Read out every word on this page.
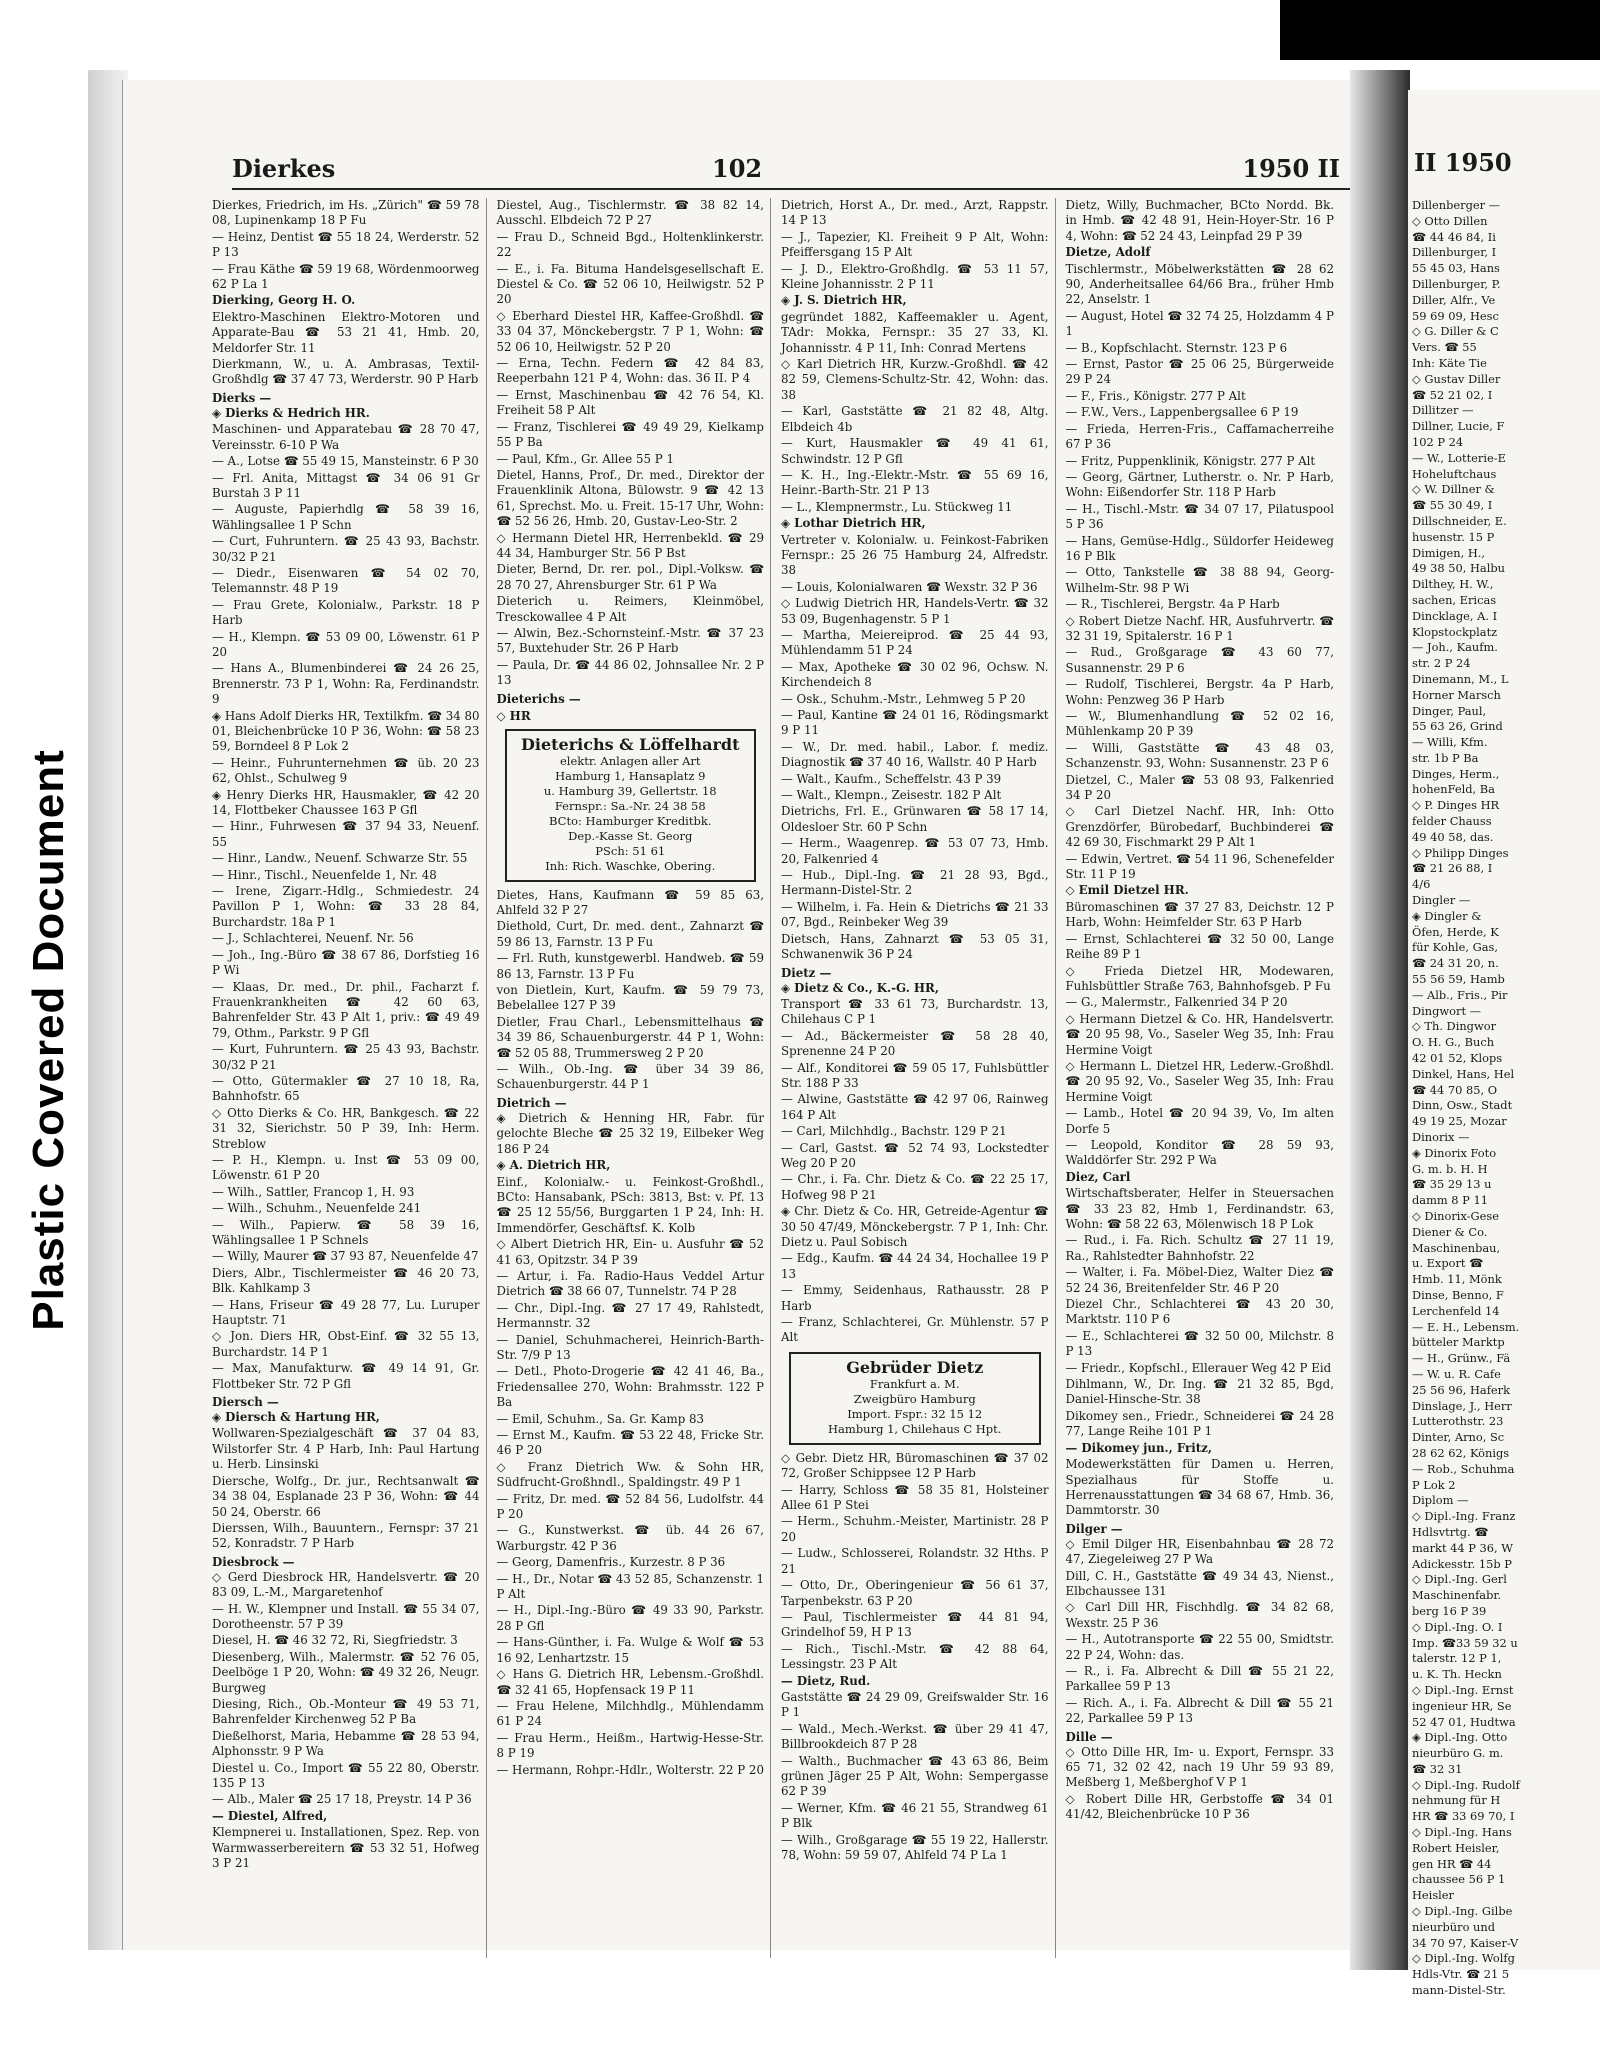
Plastic Covered Document
Dierkes	102	1950 II
Dierkes, Friedrich, im Hs. „Zürich" ☎ 59 78 08, Lupinenkamp 18 P Fu
— Heinz, Dentist ☎ 55 18 24, Werderstr. 52 P 13
— Frau Käthe ☎ 59 19 68, Wördenmoorweg 62 P La 1
Dierking, Georg H. O.
Elektro-Maschinen Elektro-Motoren und Apparate-Bau ☎ 53 21 41, Hmb. 20, Meldorfer Str. 11
Dierkmann, W., u. A. Ambrasas, Textil-Großhdlg ☎ 37 47 73, Werderstr. 90 P Harb
Dierks —
◈ Dierks & Hedrich HR.
Maschinen- und Apparatebau ☎ 28 70 47, Vereinsstr. 6-10 P Wa
— A., Lotse ☎ 55 49 15, Mansteinstr. 6 P 30
— Frl. Anita, Mittagst ☎ 34 06 91 Gr Burstah 3 P 11
— Auguste, Papierhdlg ☎ 58 39 16, Wählingsallee 1 P Schn
— Curt, Fuhruntern. ☎ 25 43 93, Bachstr. 30/32 P 21
— Diedr., Eisenwaren ☎ 54 02 70, Telemannstr. 48 P 19
— Frau Grete, Kolonialw., Parkstr. 18 P Harb
— H., Klempn. ☎ 53 09 00, Löwenstr. 61 P 20
— Hans A., Blumenbinderei ☎ 24 26 25, Brennerstr. 73 P 1, Wohn: Ra, Ferdinandstr. 9
◈ Hans Adolf Dierks HR, Textilkfm. ☎ 34 80 01, Bleichenbrücke 10 P 36, Wohn: ☎ 58 23 59, Borndeel 8 P Lok 2
— Heinr., Fuhrunternehmen ☎ üb. 20 23 62, Ohlst., Schulweg 9
◈ Henry Dierks HR, Hausmakler, ☎ 42 20 14, Flottbeker Chaussee 163 P Gfl
— Hinr., Fuhrwesen ☎ 37 94 33, Neuenf. 55
— Hinr., Landw., Neuenf. Schwarze Str. 55
— Hinr., Tischl., Neuenfelde 1, Nr. 48
— Irene, Zigarr.-Hdlg., Schmiedestr. 24 Pavillon P 1, Wohn: ☎ 33 28 84, Burchardstr. 18a P 1
— J., Schlachterei, Neuenf. Nr. 56
— Joh., Ing.-Büro ☎ 38 67 86, Dorfstieg 16 P Wi
— Klaas, Dr. med., Dr. phil., Facharzt f. Frauenkrankheiten ☎ 42 60 63, Bahrenfelder Str. 43 P Alt 1, priv.: ☎ 49 49 79, Othm., Parkstr. 9 P Gfl
— Kurt, Fuhruntern. ☎ 25 43 93, Bachstr. 30/32 P 21
— Otto, Gütermakler ☎ 27 10 18, Ra, Bahnhofstr. 65
◇ Otto Dierks & Co. HR, Bankgesch. ☎ 22 31 32, Sierichstr. 50 P 39, Inh: Herm. Streblow
— P. H., Klempn. u. Inst ☎ 53 09 00, Löwenstr. 61 P 20
— Wilh., Sattler, Francop 1, H. 93
— Wilh., Schuhm., Neuenfelde 241
— Wilh., Papierw. ☎ 58 39 16, Wählingsallee 1 P Schnels
— Willy, Maurer ☎ 37 93 87, Neuenfelde 47
Diers, Albr., Tischlermeister ☎ 46 20 73, Blk. Kahlkamp 3
— Hans, Friseur ☎ 49 28 77, Lu. Luruper Hauptstr. 71
◇ Jon. Diers HR, Obst-Einf. ☎ 32 55 13, Burchardstr. 14 P 1
— Max, Manufakturw. ☎ 49 14 91, Gr. Flottbeker Str. 72 P Gfl
Diersch —
◈ Diersch & Hartung HR,
Wollwaren-Spezialgeschäft ☎ 37 04 83, Wilstorfer Str. 4 P Harb, Inh: Paul Hartung u. Herb. Linsinski
Diersche, Wolfg., Dr. jur., Rechtsanwalt ☎ 34 38 04, Esplanade 23 P 36, Wohn: ☎ 44 50 24, Oberstr. 66
Dierssen, Wilh., Bauuntern., Fernspr: 37 21 52, Konradstr. 7 P Harb
Diesbrock —
◇ Gerd Diesbrock HR, Handelsvertr. ☎ 20 83 09, L.-M., Margaretenhof
— H. W., Klempner und Install. ☎ 55 34 07, Dorotheenstr. 57 P 39
Diesel, H. ☎ 46 32 72, Ri, Siegfriedstr. 3
Diesenberg, Wilh., Malermstr. ☎ 52 76 05, Deelböge 1 P 20, Wohn: ☎ 49 32 26, Neugr. Burgweg
Diesing, Rich., Ob.-Monteur ☎ 49 53 71, Bahrenfelder Kirchenweg 52 P Ba
Dießelhorst, Maria, Hebamme ☎ 28 53 94, Alphonsstr. 9 P Wa
Diestel u. Co., Import ☎ 55 22 80, Oberstr. 135 P 13
— Alb., Maler ☎ 25 17 18, Preystr. 14 P 36
— Diestel, Alfred,
Klempnerei u. Installationen, Spez. Rep. von Warmwasserbereitern ☎ 53 32 51, Hofweg 3 P 21
Diestel, Aug., Tischlermstr. ☎ 38 82 14, Ausschl. Elbdeich 72 P 27
— Frau D., Schneid Bgd., Holtenklinkerstr. 22
— E., i. Fa. Bituma Handelsgesellschaft E. Diestel & Co. ☎ 52 06 10, Heilwigstr. 52 P 20
◇ Eberhard Diestel HR, Kaffee-Großhdl. ☎ 33 04 37, Mönckebergstr. 7 P 1, Wohn: ☎ 52 06 10, Heilwigstr. 52 P 20
— Erna, Techn. Federn ☎ 42 84 83, Reeperbahn 121 P 4, Wohn: das. 36 II. P 4
— Ernst, Maschinenbau ☎ 42 76 54, Kl. Freiheit 58 P Alt
— Franz, Tischlerei ☎ 49 49 29, Kielkamp 55 P Ba
— Paul, Kfm., Gr. Allee 55 P 1
Dietel, Hanns, Prof., Dr. med., Direktor der Frauenklinik Altona, Bülowstr. 9 ☎ 42 13 61, Sprechst. Mo. u. Freit. 15-17 Uhr, Wohn: ☎ 52 56 26, Hmb. 20, Gustav-Leo-Str. 2
◇ Hermann Dietel HR, Herrenbekld. ☎ 29 44 34, Hamburger Str. 56 P Bst
Dieter, Bernd, Dr. rer. pol., Dipl.-Volksw. ☎ 28 70 27, Ahrensburger Str. 61 P Wa
Dieterich u. Reimers, Kleinmöbel, Tresckowallee 4 P Alt
— Alwin, Bez.-Schornsteinf.-Mstr. ☎ 37 23 57, Buxtehuder Str. 26 P Harb
— Paula, Dr. ☎ 44 86 02, Johnsallee Nr. 2 P 13
Dieterichs —
◇ HR
Dieterichs & Löffelhardt

elektr. Anlagen aller Art

Hamburg 1, Hansaplatz 9

u. Hamburg 39, Gellertstr. 18

Fernspr.: Sa.-Nr. 24 38 58

BCto: Hamburger Kreditbk.

Dep.-Kasse St. Georg

PSch: 51 61

Inh: Rich. Waschke, Obering.

Dietes, Hans, Kaufmann ☎ 59 85 63, Ahlfeld 32 P 27
Diethold, Curt, Dr. med. dent., Zahnarzt ☎ 59 86 13, Farnstr. 13 P Fu
— Frl. Ruth, kunstgewerbl. Handweb. ☎ 59 86 13, Farnstr. 13 P Fu
von Dietlein, Kurt, Kaufm. ☎ 59 79 73, Bebelallee 127 P 39
Dietler, Frau Charl., Lebensmittelhaus ☎ 34 39 86, Schauenburgerstr. 44 P 1, Wohn: ☎ 52 05 88, Trummersweg 2 P 20
— Wilh., Ob.-Ing. ☎ über 34 39 86, Schauenburgerstr. 44 P 1
Dietrich —
◈ Dietrich & Henning HR, Fabr. für gelochte Bleche ☎ 25 32 19, Eilbeker Weg 186 P 24
◈ A. Dietrich HR,
Einf., Kolonialw.- u. Feinkost-Großhdl., BCto: Hansabank, PSch: 3813, Bst: v. Pf. 13 ☎ 25 12 55/56, Burggarten 1 P 24, Inh: H. Immendörfer, Geschäftsf. K. Kolb
◇ Albert Dietrich HR, Ein- u. Ausfuhr ☎ 52 41 63, Opitzstr. 34 P 39
— Artur, i. Fa. Radio-Haus Veddel Artur Dietrich ☎ 38 66 07, Tunnelstr. 74 P 28
— Chr., Dipl.-Ing. ☎ 27 17 49, Rahlstedt, Hermannstr. 32
— Daniel, Schuhmacherei, Heinrich-Barth-Str. 7/9 P 13
— Detl., Photo-Drogerie ☎ 42 41 46, Ba., Friedensallee 270, Wohn: Brahmsstr. 122 P Ba
— Emil, Schuhm., Sa. Gr. Kamp 83
— Ernst M., Kaufm. ☎ 53 22 48, Fricke Str. 46 P 20
◇ Franz Dietrich Ww. & Sohn HR, Südfrucht-Großhndl., Spaldingstr. 49 P 1
— Fritz, Dr. med. ☎ 52 84 56, Ludolfstr. 44 P 20
— G., Kunstwerkst. ☎ üb. 44 26 67, Warburgstr. 42 P 36
— Georg, Damenfris., Kurzestr. 8 P 36
— H., Dr., Notar ☎ 43 52 85, Schanzenstr. 1 P Alt
— H., Dipl.-Ing.-Büro ☎ 49 33 90, Parkstr. 28 P Gfl
— Hans-Günther, i. Fa. Wulge & Wolf ☎ 53 16 92, Lenhartzstr. 15
◇ Hans G. Dietrich HR, Lebensm.-Großhdl. ☎ 32 41 65, Hopfensack 19 P 11
— Frau Helene, Milchhdlg., Mühlendamm 61 P 24
— Frau Herm., Heißm., Hartwig-Hesse-Str. 8 P 19
— Hermann, Rohpr.-Hdlr., Wolterstr. 22 P 20
Dietrich, Horst A., Dr. med., Arzt, Rappstr. 14 P 13
— J., Tapezier, Kl. Freiheit 9 P Alt, Wohn: Pfeiffersgang 15 P Alt
— J. D., Elektro-Großhdlg. ☎ 53 11 57, Kleine Johannisstr. 2 P 11
◈ J. S. Dietrich HR,
gegründet 1882, Kaffeemakler u. Agent, TAdr: Mokka, Fernspr.: 35 27 33, Kl. Johannisstr. 4 P 11, Inh: Conrad Mertens
◇ Karl Dietrich HR, Kurzw.-Großhdl. ☎ 42 82 59, Clemens-Schultz-Str. 42, Wohn: das. 38
— Karl, Gaststätte ☎ 21 82 48, Altg. Elbdeich 4b
— Kurt, Hausmakler ☎ 49 41 61, Schwindstr. 12 P Gfl
— K. H., Ing.-Elektr.-Mstr. ☎ 55 69 16, Heinr.-Barth-Str. 21 P 13
— L., Klempnermstr., Lu. Stückweg 11
◈ Lothar Dietrich HR,
Vertreter v. Kolonialw. u. Feinkost-Fabriken Fernspr.: 25 26 75 Hamburg 24, Alfredstr. 38
— Louis, Kolonialwaren ☎ Wexstr. 32 P 36
◇ Ludwig Dietrich HR, Handels-Vertr. ☎ 32 53 09, Bugenhagenstr. 5 P 1
— Martha, Meiereiprod. ☎ 25 44 93, Mühlendamm 51 P 24
— Max, Apotheke ☎ 30 02 96, Ochsw. N. Kirchendeich 8
— Osk., Schuhm.-Mstr., Lehmweg 5 P 20
— Paul, Kantine ☎ 24 01 16, Rödingsmarkt 9 P 11
— W., Dr. med. habil., Labor. f. mediz. Diagnostik ☎ 37 40 16, Wallstr. 40 P Harb
— Walt., Kaufm., Scheffelstr. 43 P 39
— Walt., Klempn., Zeisestr. 182 P Alt
Dietrichs, Frl. E., Grünwaren ☎ 58 17 14, Oldesloer Str. 60 P Schn
— Herm., Waagenrep. ☎ 53 07 73, Hmb. 20, Falkenried 4
— Hub., Dipl.-Ing. ☎ 21 28 93, Bgd., Hermann-Distel-Str. 2
— Wilhelm, i. Fa. Hein & Dietrichs ☎ 21 33 07, Bgd., Reinbeker Weg 39
Dietsch, Hans, Zahnarzt ☎ 53 05 31, Schwanenwik 36 P 24
Dietz —
◈ Dietz & Co., K.-G. HR,
Transport ☎ 33 61 73, Burchardstr. 13, Chilehaus C P 1
— Ad., Bäckermeister ☎ 58 28 40, Sprenenne 24 P 20
— Alf., Konditorei ☎ 59 05 17, Fuhlsbüttler Str. 188 P 33
— Alwine, Gaststätte ☎ 42 97 06, Rainweg 164 P Alt
— Carl, Milchhdlg., Bachstr. 129 P 21
— Carl, Gastst. ☎ 52 74 93, Lockstedter Weg 20 P 20
— Chr., i. Fa. Chr. Dietz & Co. ☎ 22 25 17, Hofweg 98 P 21
◈ Chr. Dietz & Co. HR, Getreide-Agentur ☎ 30 50 47/49, Mönckebergstr. 7 P 1, Inh: Chr. Dietz u. Paul Sobisch
— Edg., Kaufm. ☎ 44 24 34, Hochallee 19 P 13
— Emmy, Seidenhaus, Rathausstr. 28 P Harb
— Franz, Schlachterei, Gr. Mühlenstr. 57 P Alt
Gebrüder Dietz

Frankfurt a. M.

Zweigbüro Hamburg

Import. Fspr.: 32 15 12

Hamburg 1, Chilehaus C Hpt.

◇ Gebr. Dietz HR, Büromaschinen ☎ 37 02 72, Großer Schippsee 12 P Harb
— Harry, Schloss ☎ 58 35 81, Holsteiner Allee 61 P Stei
— Herm., Schuhm.-Meister, Martinistr. 28 P 20
— Ludw., Schlosserei, Rolandstr. 32 Hths. P 21
— Otto, Dr., Oberingenieur ☎ 56 61 37, Tarpenbekstr. 63 P 20
— Paul, Tischlermeister ☎ 44 81 94, Grindelhof 59, H P 13
— Rich., Tischl.-Mstr. ☎ 42 88 64, Lessingstr. 23 P Alt
— Dietz, Rud.
Gaststätte ☎ 24 29 09, Greifswalder Str. 16 P 1
— Wald., Mech.-Werkst. ☎ über 29 41 47, Billbrookdeich 87 P 28
— Walth., Buchmacher ☎ 43 63 86, Beim grünen Jäger 25 P Alt, Wohn: Sempergasse 62 P 39
— Werner, Kfm. ☎ 46 21 55, Strandweg 61 P Blk
— Wilh., Großgarage ☎ 55 19 22, Hallerstr. 78, Wohn: 59 59 07, Ahlfeld 74 P La 1
Dietz, Willy, Buchmacher, BCto Nordd. Bk. in Hmb. ☎ 42 48 91, Hein-Hoyer-Str. 16 P 4, Wohn: ☎ 52 24 43, Leinpfad 29 P 39
Dietze, Adolf
Tischlermstr., Möbelwerkstätten ☎ 28 62 90, Anderheitsallee 64/66 Bra., früher Hmb 22, Anselstr. 1
— August, Hotel ☎ 32 74 25, Holzdamm 4 P 1
— B., Kopfschlacht. Sternstr. 123 P 6
— Ernst, Pastor ☎ 25 06 25, Bürgerweide 29 P 24
— F., Fris., Königstr. 277 P Alt
— F.W., Vers., Lappenbergsallee 6 P 19
— Frieda, Herren-Fris., Caffamacherreihe 67 P 36
— Fritz, Puppenklinik, Königstr. 277 P Alt
— Georg, Gärtner, Lutherstr. o. Nr. P Harb, Wohn: Eißendorfer Str. 118 P Harb
— H., Tischl.-Mstr. ☎ 34 07 17, Pilatuspool 5 P 36
— Hans, Gemüse-Hdlg., Süldorfer Heideweg 16 P Blk
— Otto, Tankstelle ☎ 38 88 94, Georg-Wilhelm-Str. 98 P Wi
— R., Tischlerei, Bergstr. 4a P Harb
◇ Robert Dietze Nachf. HR, Ausfuhrvertr. ☎ 32 31 19, Spitalerstr. 16 P 1
— Rud., Großgarage ☎ 43 60 77, Susannenstr. 29 P 6
— Rudolf, Tischlerei, Bergstr. 4a P Harb, Wohn: Penzweg 36 P Harb
— W., Blumenhandlung ☎ 52 02 16, Mühlenkamp 20 P 39
— Willi, Gaststätte ☎ 43 48 03, Schanzenstr. 93, Wohn: Susannenstr. 23 P 6
Dietzel, C., Maler ☎ 53 08 93, Falkenried 34 P 20
◇ Carl Dietzel Nachf. HR, Inh: Otto Grenzdörfer, Bürobedarf, Buchbinderei ☎ 42 69 30, Fischmarkt 29 P Alt 1
— Edwin, Vertret. ☎ 54 11 96, Schenefelder Str. 11 P 19
◇ Emil Dietzel HR.
Büromaschinen ☎ 37 27 83, Deichstr. 12 P Harb, Wohn: Heimfelder Str. 63 P Harb
— Ernst, Schlachterei ☎ 32 50 00, Lange Reihe 89 P 1
◇ Frieda Dietzel HR, Modewaren, Fuhlsbüttler Straße 763, Bahnhofsgeb. P Fu
— G., Malermstr., Falkenried 34 P 20
◇ Hermann Dietzel & Co. HR, Handelsvertr. ☎ 20 95 98, Vo., Saseler Weg 35, Inh: Frau Hermine Voigt
◇ Hermann L. Dietzel HR, Lederw.-Großhdl. ☎ 20 95 92, Vo., Saseler Weg 35, Inh: Frau Hermine Voigt
— Lamb., Hotel ☎ 20 94 39, Vo, Im alten Dorfe 5
— Leopold, Konditor ☎ 28 59 93, Walddörfer Str. 292 P Wa
Diez, Carl
Wirtschaftsberater, Helfer in Steuersachen ☎ 33 23 82, Hmb 1, Ferdinandstr. 63, Wohn: ☎ 58 22 63, Mölenwisch 18 P Lok
— Rud., i. Fa. Rich. Schultz ☎ 27 11 19, Ra., Rahlstedter Bahnhofstr. 22
— Walter, i. Fa. Möbel-Diez, Walter Diez ☎ 52 24 36, Breitenfelder Str. 46 P 20
Diezel Chr., Schlachterei ☎ 43 20 30, Marktstr. 110 P 6
— E., Schlachterei ☎ 32 50 00, Milchstr. 8 P 13
— Friedr., Kopfschl., Ellerauer Weg 42 P Eid
Dihlmann, W., Dr. Ing. ☎ 21 32 85, Bgd, Daniel-Hinsche-Str. 38
Dikomey sen., Friedr., Schneiderei ☎ 24 28 77, Lange Reihe 101 P 1
— Dikomey jun., Fritz,
Modewerkstätten für Damen u. Herren, Spezialhaus für Stoffe u. Herrenausstattungen ☎ 34 68 67, Hmb. 36, Dammtorstr. 30
Dilger —
◇ Emil Dilger HR, Eisenbahnbau ☎ 28 72 47, Ziegeleiweg 27 P Wa
Dill, C. H., Gaststätte ☎ 49 34 43, Nienst., Elbchaussee 131
◇ Carl Dill HR, Fischhdlg. ☎ 34 82 68, Wexstr. 25 P 36
— H., Autotransporte ☎ 22 55 00, Smidtstr. 22 P 24, Wohn: das.
— R., i. Fa. Albrecht & Dill ☎ 55 21 22, Parkallee 59 P 13
— Rich. A., i. Fa. Albrecht & Dill ☎ 55 21 22, Parkallee 59 P 13
Dille —
◇ Otto Dille HR, Im- u. Export, Fernspr. 33 65 71, 32 02 42, nach 19 Uhr 59 93 89, Meßberg 1, Meßberghof V P 1
◇ Robert Dille HR, Gerbstoffe ☎ 34 01 41/42, Bleichenbrücke 10 P 36
II 1950
Dillenberger —
◇ Otto Dillen
☎ 44 46 84, Ii
Dillenburger, I
55 45 03, Hans
Dillenburger, P.
Diller, Alfr., Ve
59 69 09, Hesc
◇ G. Diller & C
Vers. ☎ 55
Inh: Käte Tie
◇ Gustav Diller
☎ 52 21 02, I
Dillitzer —
Dillner, Lucie, F
102 P 24
— W., Lotterie-E
Hoheluftchaus
◇ W. Dillner &
☎ 55 30 49, I
Dillschneider, E.
husenstr. 15 P
Dimigen, H.,
49 38 50, Halbu
Dilthey, H. W.,
sachen, Ericas
Dincklage, A. I
Klopstockplatz
— Joh., Kaufm.
str. 2 P 24
Dinemann, M., L
Horner Marsch
Dinger, Paul,
55 63 26, Grind
— Willi, Kfm.
str. 1b P Ba
Dinges, Herm.,
hohenFeld, Ba
◇ P. Dinges HR
felder Chauss
49 40 58, das.
◇ Philipp Dinges
☎ 21 26 88, I
4/6
Dingler —
◈ Dingler &
Öfen, Herde, K
für Kohle, Gas,
☎ 24 31 20, n.
55 56 59, Hamb
— Alb., Fris., Pir
Dingwort —
◇ Th. Dingwor
O. H. G., Buch
42 01 52, Klops
Dinkel, Hans, Hel
☎ 44 70 85, O
Dinn, Osw., Stadt
49 19 25, Mozar
Dinorix —
◈ Dinorix Foto
G. m. b. H. H
☎ 35 29 13 u
damm 8 P 11
◇ Dinorix-Gese
Diener & Co.
Maschinenbau,
u. Export ☎
Hmb. 11, Mönk
Dinse, Benno, F
Lerchenfeld 14
— E. H., Lebensm.
bütteler Marktp
— H., Grünw., Fä
— W. u. R. Cafe
25 56 96, Haferk
Dinslage, J., Herr
Lutterothstr. 23
Dinter, Arno, Sc
28 62 62, Königs
— Rob., Schuhma
P Lok 2
Diplom —
◇ Dipl.-Ing. Franz
Hdlsvtrtg. ☎
markt 44 P 36, W
Adickesstr. 15b P
◇ Dipl.-Ing. Gerl
Maschinenfabr.
berg 16 P 39
◇ Dipl.-Ing. O. I
Imp. ☎33 59 32 u
talerstr. 12 P 1,
u. K. Th. Heckn
◇ Dipl.-Ing. Ernst
ingenieur HR, Se
52 47 01, Hudtwa
◈ Dipl.-Ing. Otto
nieurbüro G. m.
☎ 32 31
◇ Dipl.-Ing. Rudolf
nehmung für H
HR ☎ 33 69 70, I
◇ Dipl.-Ing. Hans
Robert Heisler,
gen HR ☎ 44
chaussee 56 P 1
Heisler
◇ Dipl.-Ing. Gilbe
nieurbüro und
34 70 97, Kaiser-V
◇ Dipl.-Ing. Wolfg
Hdls-Vtr. ☎ 21 5
mann-Distel-Str.
